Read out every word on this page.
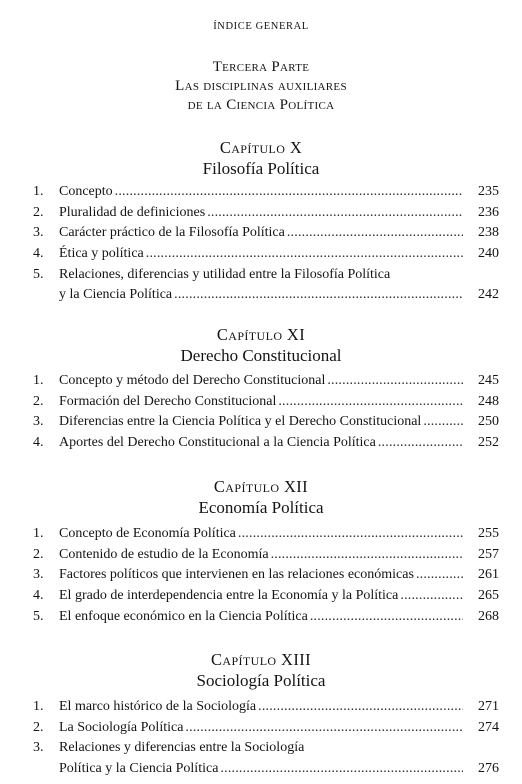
ÍNDICE GENERAL
Tercera Parte
Las disciplinas auxiliares
de la Ciencia Política
Capítulo X
Filosofía Política
1. Concepto .....	235
2. Pluralidad de definiciones .....	236
3. Carácter práctico de la Filosofía Política .....	238
4. Ética y política .....	240
5. Relaciones, diferencias y utilidad entre la Filosofía Política
y la Ciencia Política .....	242
Capítulo XI
Derecho Constitucional
1. Concepto y método del Derecho Constitucional .....	245
2. Formación del Derecho Constitucional .....	248
3. Diferencias entre la Ciencia Política y el Derecho Constitucional .....	250
4. Aportes del Derecho Constitucional a la Ciencia Política .....	252
Capítulo XII
Economía Política
1. Concepto de Economía Política .....	255
2. Contenido de estudio de la Economía .....	257
3. Factores políticos que intervienen en las relaciones económicas .....	261
4. El grado de interdependencia entre la Economía y la Política .....	265
5. El enfoque económico en la Ciencia Política .....	268
Capítulo XIII
Sociología Política
1. El marco histórico de la Sociología .....	271
2. La Sociología Política .....	274
3. Relaciones y diferencias entre la Sociología
Política y la Ciencia Política .....	276
